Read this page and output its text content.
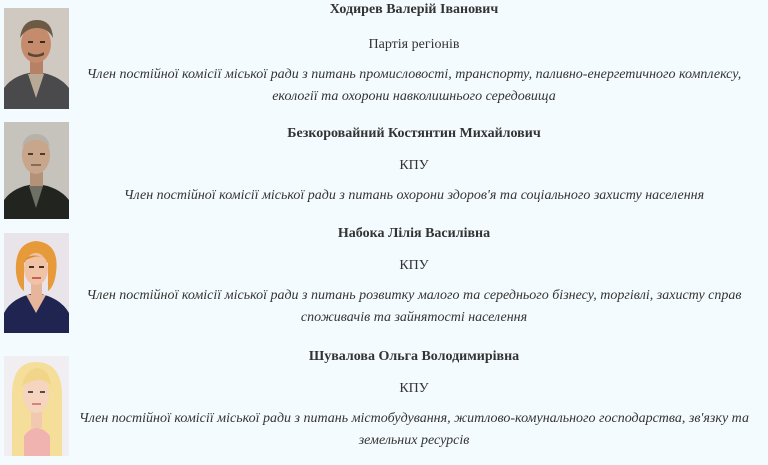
Ходирев Валерій Іванович

Партія регіонів

Член постійної комісії міської ради з питань промисловості, транспорту, паливно-енергетичного комплексу, екології та охорони навколишнього середовища

Безкоровайний Костянтин Михайлович

КПУ

Член постійної комісії міської ради з питань охорони здоров'я та соціального захисту населення

Набока Лілія Василівна

КПУ

Член постійної комісії міської ради з питань розвитку малого та середнього бізнесу, торгівлі, захисту справ споживачів та зайнятості населення

Шувалова Ольга Володимирівна

КПУ

Член постійної комісії міської ради з питань містобудування, житлово-комунального господарства, зв'язку та земельних ресурсів
